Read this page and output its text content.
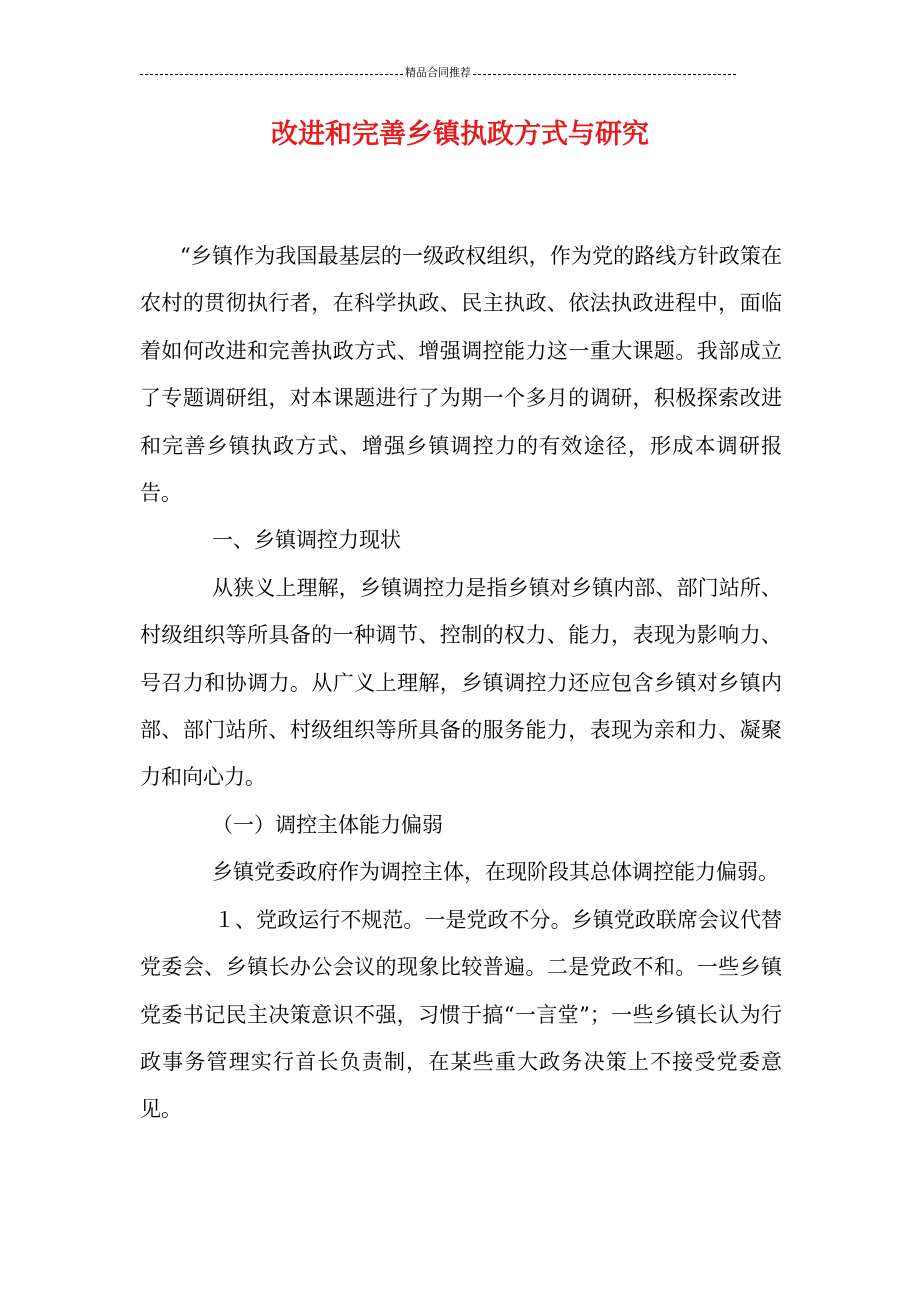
精品合同推荐
改进和完善乡镇执政方式与研究

“乡镇作为我国最基层的一级政权组织，作为党的路线方针政策在农村的贯彻执行者，在科学执政、民主执政、依法执政进程中，面临着如何改进和完善执政方式、增强调控能力这一重大课题。我部成立了专题调研组，对本课题进行了为期一个多月的调研，积极探索改进和完善乡镇执政方式、增强乡镇调控力的有效途径，形成本调研报告。

一、乡镇调控力现状

从狭义上理解，乡镇调控力是指乡镇对乡镇内部、部门站所、村级组织等所具备的一种调节、控制的权力、能力，表现为影响力、号召力和协调力。从广义上理解，乡镇调控力还应包含乡镇对乡镇内部、部门站所、村级组织等所具备的服务能力，表现为亲和力、凝聚力和向心力。

（一）调控主体能力偏弱

乡镇党委政府作为调控主体，在现阶段其总体调控能力偏弱。

１、党政运行不规范。一是党政不分。乡镇党政联席会议代替党委会、乡镇长办公会议的现象比较普遍。二是党政不和。一些乡镇党委书记民主决策意识不强，习惯于搞“一言堂”；一些乡镇长认为行政事务管理实行首长负责制，在某些重大政务决策上不接受党委意见。
